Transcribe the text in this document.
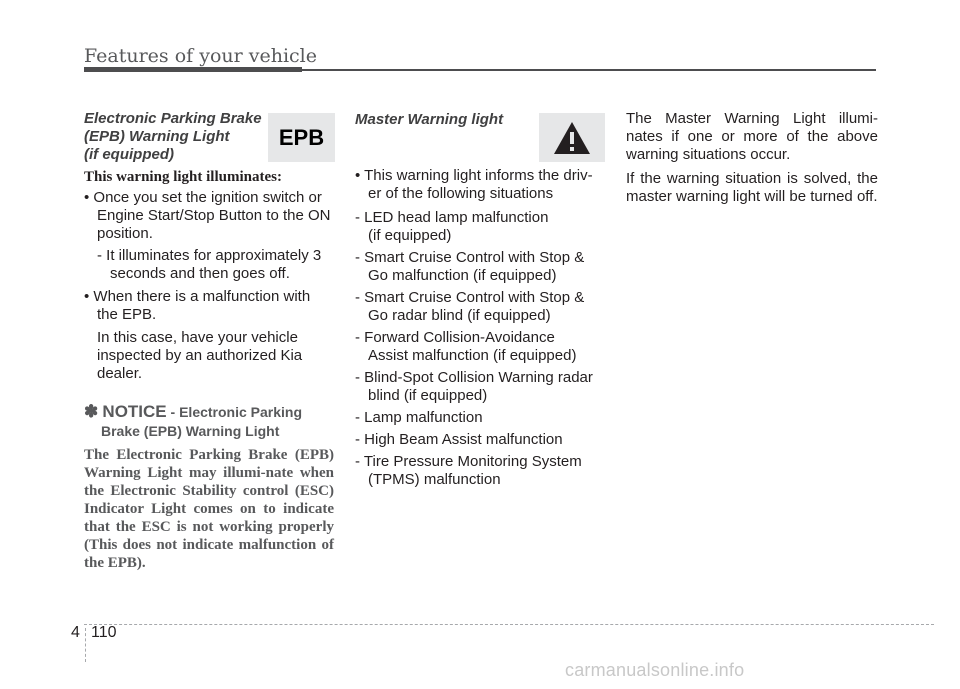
Features of your vehicle
Electronic Parking Brake
(EPB) Warning Light
(if equipped)

This warning light illuminates:

• Once you set the ignition switch or

Engine Start/Stop Button to the ON

position.

- It illuminates for approximately 3

seconds and then goes off.

• When there is a malfunction with

the EPB.

In this case, have your vehicle

inspected by an authorized Kia

dealer.

✽ NOTICE - Electronic Parking
Brake (EPB) Warning Light

The Electronic Parking Brake (EPB) Warning Light may illumi-nate when the Electronic Stability control (ESC) Indicator Light comes on to indicate that the ESC is not working properly (This does not indicate malfunction of the EPB).

EPB
Master Warning light

• This warning light informs the driv-

er of the following situations

- LED head lamp malfunction

(if equipped)

- Smart Cruise Control with Stop &

Go malfunction (if equipped)

- Smart Cruise Control with Stop &

Go radar blind (if equipped)

- Forward Collision-Avoidance

Assist malfunction (if equipped)

- Blind-Spot Collision Warning radar

blind (if equipped)

- Lamp malfunction

- High Beam Assist malfunction

- Tire Pressure Monitoring System

(TPMS) malfunction

The Master Warning Light illumi-nates if one or more of the above warning situations occur.

If the warning situation is solved, the master warning light will be turned off.

4 110
carmanualsonline.info
